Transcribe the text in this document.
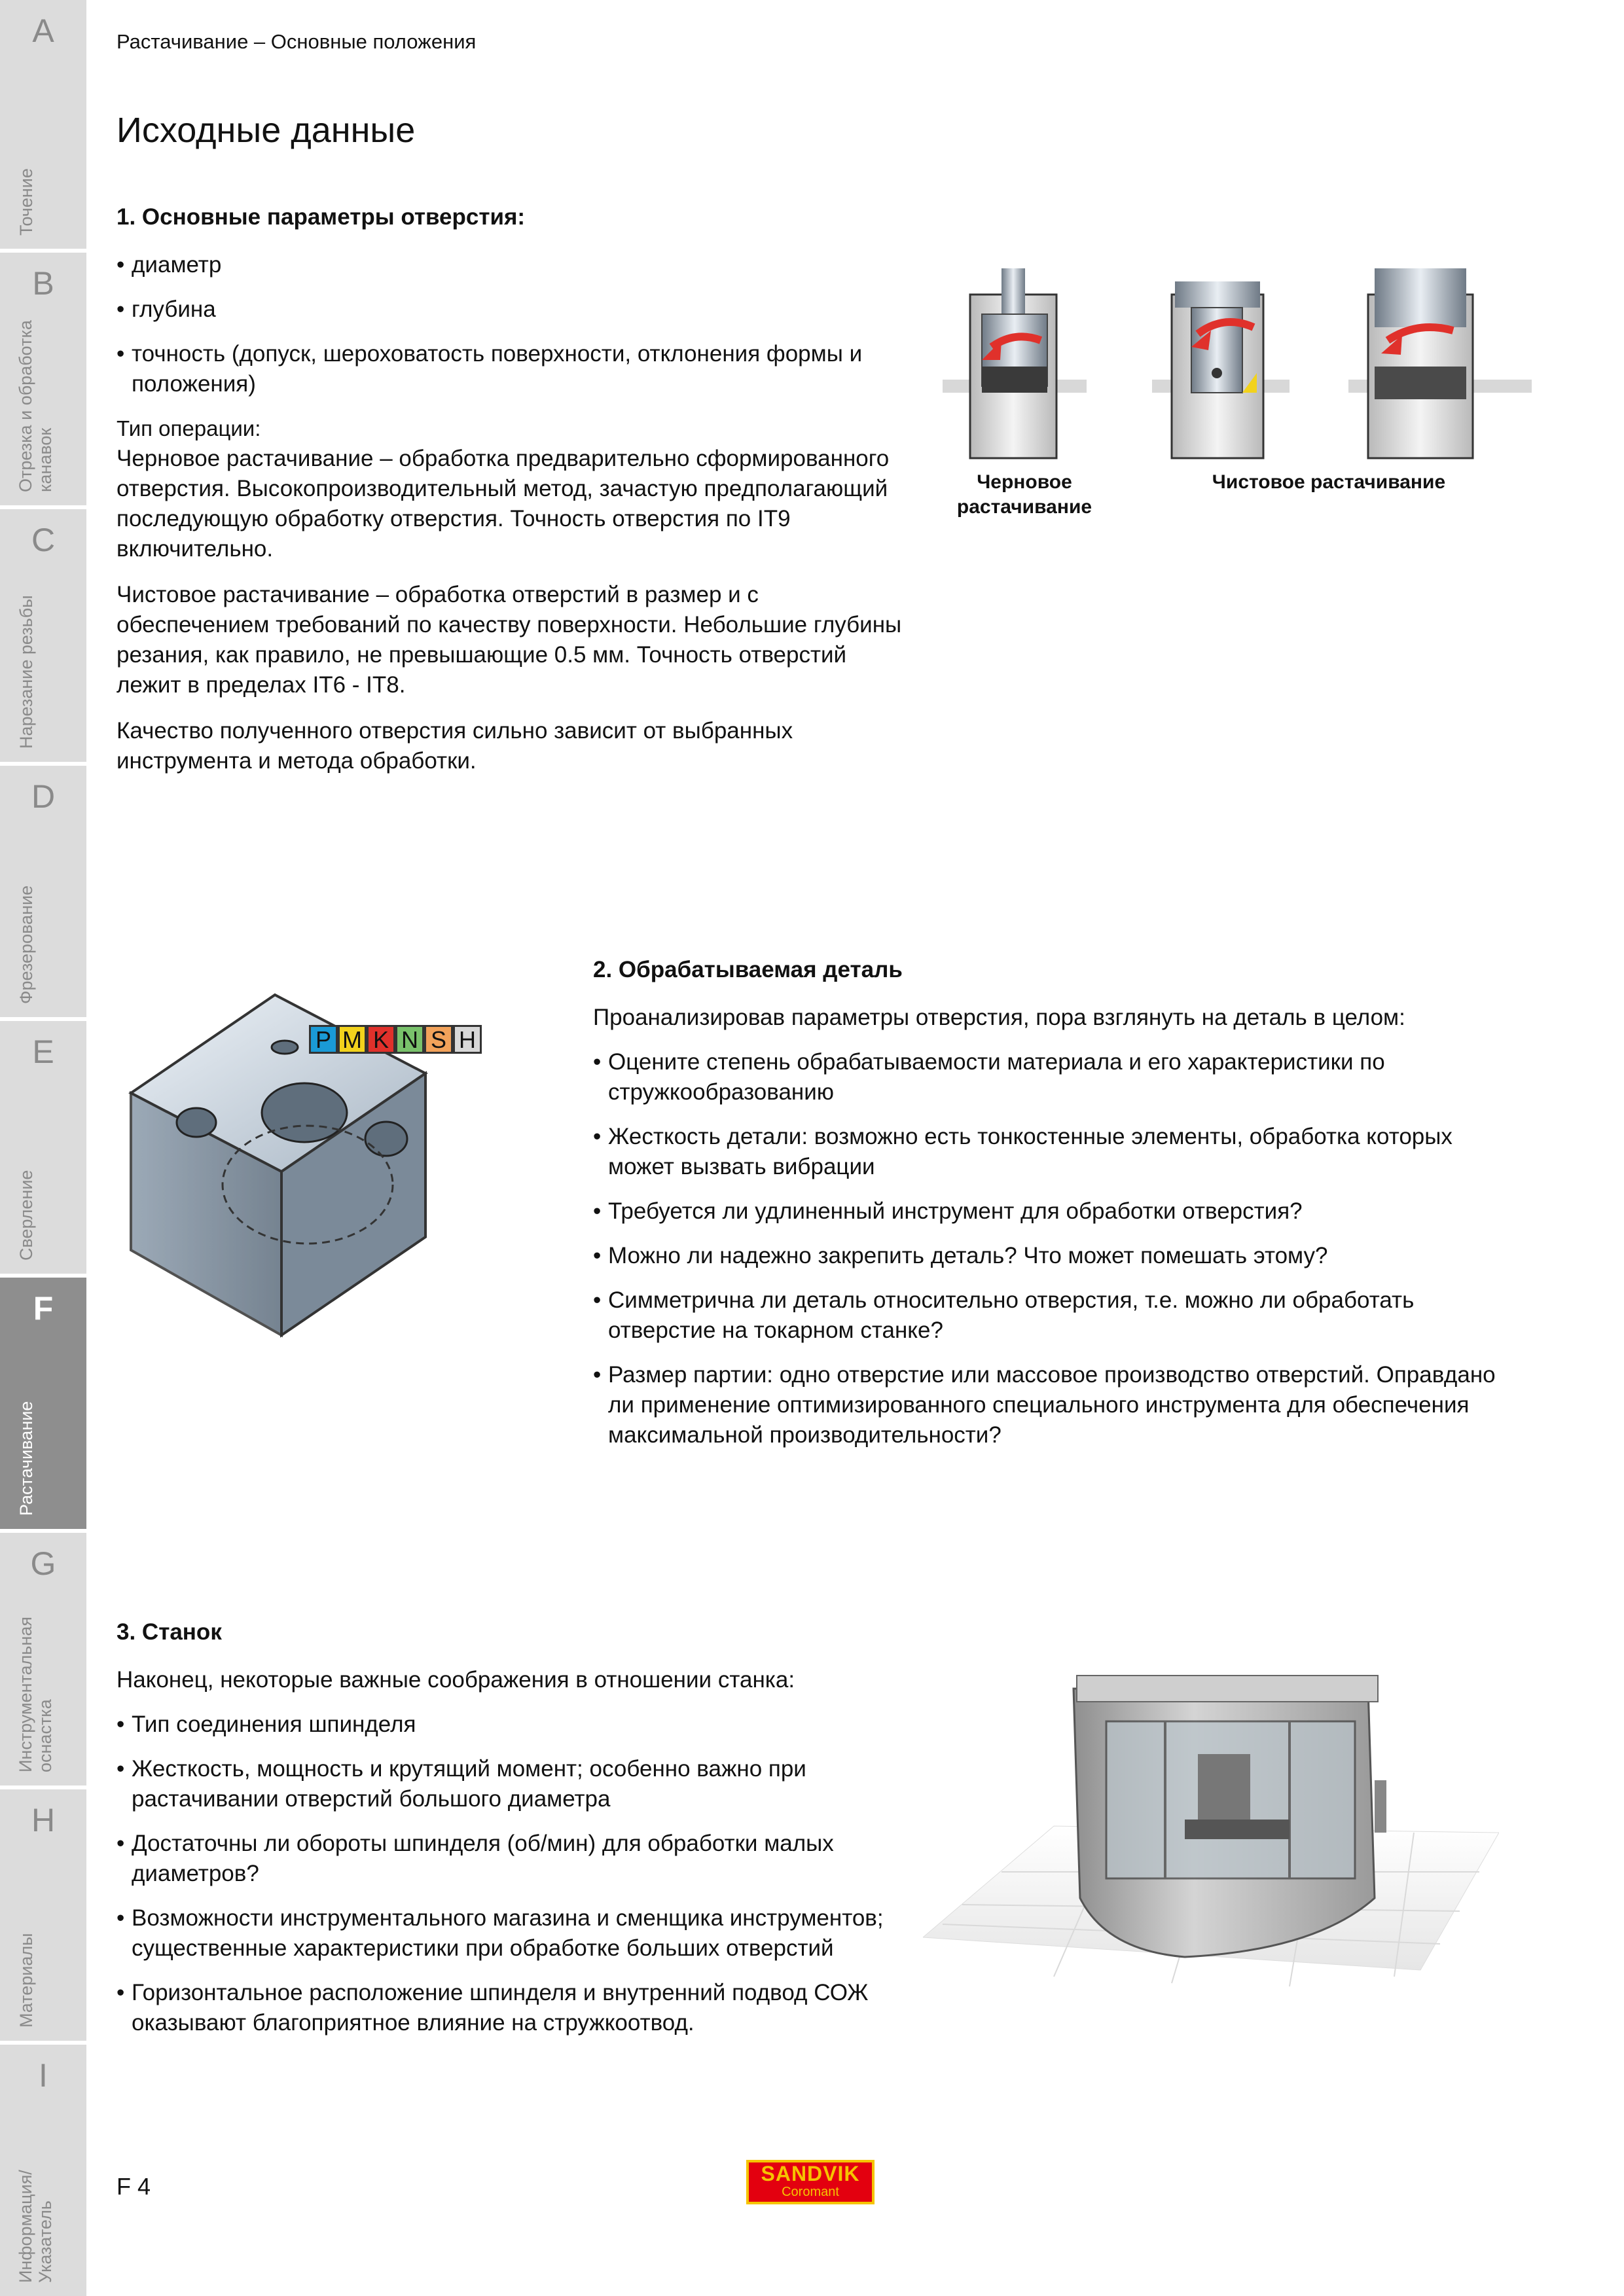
A
Точение
B
Отрезка и обработка канавок
C
Нарезание резьбы
D
Фрезерование
E
Сверление
F
Растачивание
G
Инструментальная оснастка
H
Материалы
I
Информация/ Указатель
Растачивание – Основные положения
Исходные данные

1. Основные параметры отверстия:

• диаметр

• глубина

• точность (допуск, шероховатость поверхности, отклонения формы и положения)

Тип операции:

Черновое растачивание – обработка предварительно сформированного отверстия. Высокопроизводительный метод, зачастую предполагающий последующую обработку отверстия. Точность отверстия по IT9 включительно.

Чистовое растачивание – обработка отверстий в размер и с обеспечением требований по качеству поверхности. Небольшие глубины резания, как правило, не превышающие 0.5 мм. Точность отверстий лежит в пределах IT6 - IT8.

Качество полученного отверстия сильно зависит от выбранных инструмента и метода обработки.

Черновое растачивание
Чистовое растачивание
P M K N S H

2. Обрабатываемая деталь

Проанализировав параметры отверстия, пора взглянуть на деталь в целом:

• Оцените степень обрабатываемости материала и его характеристики по стружкообразованию

• Жесткость детали: возможно есть тонкостенные элементы, обработка которых может вызвать вибрации

• Требуется ли удлиненный инструмент для обработки отверстия?

• Можно ли надежно закрепить деталь? Что может помешать этому?

• Симметрична ли деталь относительно отверстия, т.е. можно ли обработать отверстие на токарном станке?

• Размер партии: одно отверстие или массовое производство отверстий. Оправдано ли применение оптимизированного специального инструмента для обеспечения максимальной производительности?

3. Станок

Наконец, некоторые важные соображения в отношении станка:

• Тип соединения шпинделя

• Жесткость, мощность и крутящий момент; особенно важно при растачивании отверстий большого диаметра

• Достаточны ли обороты шпинделя (об/мин) для обработки малых диаметров?

• Возможности инструментального магазина и сменщика инструментов; существенные характеристики при обработке больших отверстий

• Горизонтальное расположение шпинделя и внутренний подвод СОЖ оказывают благоприятное влияние на стружкоотвод.

F 4	SANDVIK
Coromant
